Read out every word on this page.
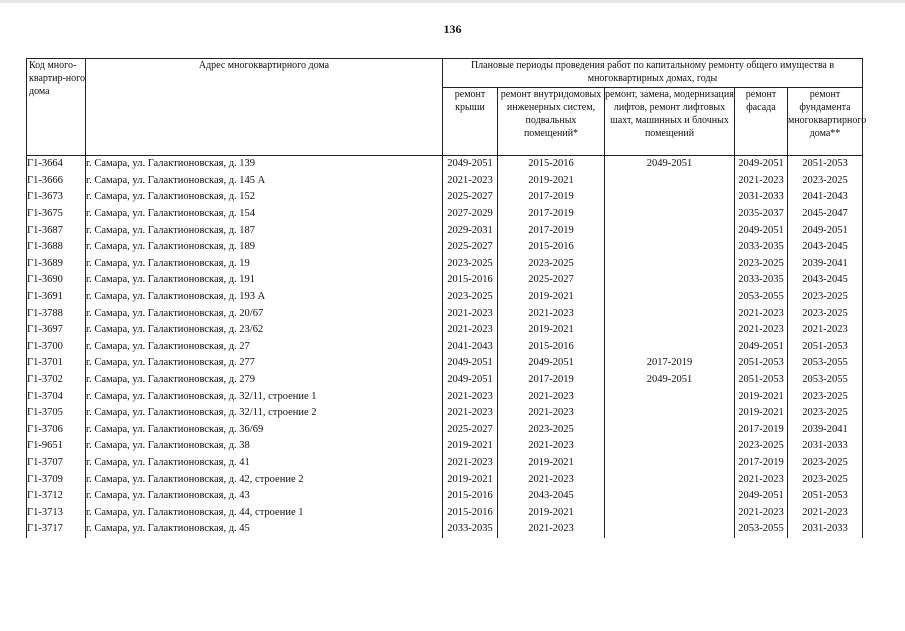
136
Код много-квартир-ного дома	Адрес многоквартирного дома	Плановые периоды проведения работ по капитальному ремонту общего имущества в многоквартирных домах, годы				
		ремонт крыши	ремонт внутридомовых инженерных систем, подвальных помещений*	ремонт, замена, модернизация лифтов, ремонт лифтовых шахт, машинных и блочных помещений	ремонт фасада	ремонт фундамента многоквартирного дома**
Г1-3664	г. Самара, ул. Галактионовская, д. 139	2049-2051	2015-2016	2049-2051	2049-2051	2051-2053
Г1-3666	г. Самара, ул. Галактионовская, д. 145 А	2021-2023	2019-2021		2021-2023	2023-2025
Г1-3673	г. Самара, ул. Галактионовская, д. 152	2025-2027	2017-2019		2031-2033	2041-2043
Г1-3675	г. Самара, ул. Галактионовская, д. 154	2027-2029	2017-2019		2035-2037	2045-2047
Г1-3687	г. Самара, ул. Галактионовская, д. 187	2029-2031	2017-2019		2049-2051	2049-2051
Г1-3688	г. Самара, ул. Галактионовская, д. 189	2025-2027	2015-2016		2033-2035	2043-2045
Г1-3689	г. Самара, ул. Галактионовская, д. 19	2023-2025	2023-2025		2023-2025	2039-2041
Г1-3690	г. Самара, ул. Галактионовская, д. 191	2015-2016	2025-2027		2033-2035	2043-2045
Г1-3691	г. Самара, ул. Галактионовская, д. 193 А	2023-2025	2019-2021		2053-2055	2023-2025
Г1-3788	г. Самара, ул. Галактионовская, д. 20/67	2021-2023	2021-2023		2021-2023	2023-2025
Г1-3697	г. Самара, ул. Галактионовская, д. 23/62	2021-2023	2019-2021		2021-2023	2021-2023
Г1-3700	г. Самара, ул. Галактионовская, д. 27	2041-2043	2015-2016		2049-2051	2051-2053
Г1-3701	г. Самара, ул. Галактионовская, д. 277	2049-2051	2049-2051	2017-2019	2051-2053	2053-2055
Г1-3702	г. Самара, ул. Галактионовская, д. 279	2049-2051	2017-2019	2049-2051	2051-2053	2053-2055
Г1-3704	г. Самара, ул. Галактионовская, д. 32/11, строение 1	2021-2023	2021-2023		2019-2021	2023-2025
Г1-3705	г. Самара, ул. Галактионовская, д. 32/11, строение 2	2021-2023	2021-2023		2019-2021	2023-2025
Г1-3706	г. Самара, ул. Галактионовская, д. 36/69	2025-2027	2023-2025		2017-2019	2039-2041
Г1-9651	г. Самара, ул. Галактионовская, д. 38	2019-2021	2021-2023		2023-2025	2031-2033
Г1-3707	г. Самара, ул. Галактионовская, д. 41	2021-2023	2019-2021		2017-2019	2023-2025
Г1-3709	г. Самара, ул. Галактионовская, д. 42, строение 2	2019-2021	2021-2023		2021-2023	2023-2025
Г1-3712	г. Самара, ул. Галактионовская, д. 43	2015-2016	2043-2045		2049-2051	2051-2053
Г1-3713	г. Самара, ул. Галактионовская, д. 44, строение 1	2015-2016	2019-2021		2021-2023	2021-2023
Г1-3717	г. Самара, ул. Галактионовская, д. 45	2033-2035	2021-2023		2053-2055	2031-2033
